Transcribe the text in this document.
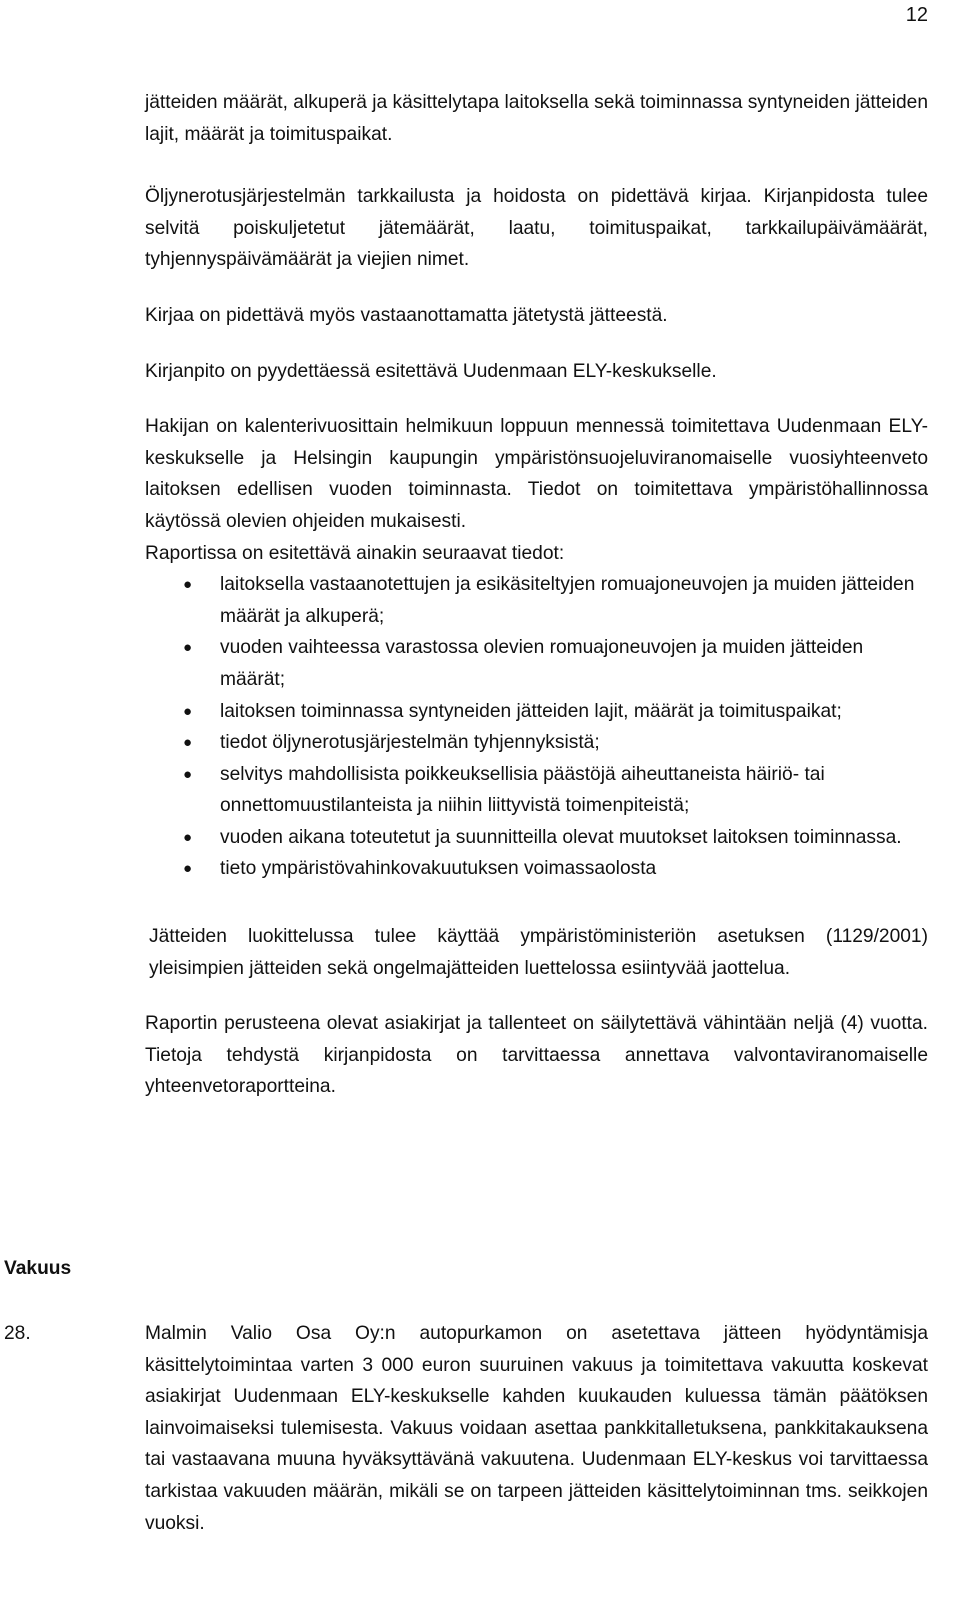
12

jätteiden määrät, alkuperä ja käsittelytapa laitoksella sekä toiminnassa syntyneiden jätteiden lajit, määrät ja toimituspaikat.

Öljynerotusjärjestelmän tarkkailusta ja hoidosta on pidettävä kirjaa. Kirjanpidosta tulee selvitä poiskuljetetut jätemäärät, laatu, toimituspaikat, tarkkailupäivämäärät, tyhjennyspäivämäärät ja viejien nimet.

Kirjaa on pidettävä myös vastaanottamatta jätetystä jätteestä.

Kirjanpito on pyydettäessä esitettävä Uudenmaan ELY-keskukselle.

Hakijan on kalenterivuosittain helmikuun loppuun mennessä toimitettava Uudenmaan ELY-keskukselle ja Helsingin kaupungin ympäristönsuojeluviranomaiselle vuosiyhteenveto laitoksen edellisen vuoden toiminnasta. Tiedot on toimitettava ympäristöhallinnossa käytössä olevien ohjeiden mukaisesti.

Raportissa on esitettävä ainakin seuraavat tiedot:

● laitoksella vastaanotettujen ja esikäsiteltyjen romuajoneuvojen ja muiden jätteiden määrät ja alkuperä;
● vuoden vaihteessa varastossa olevien romuajoneuvojen ja muiden jätteiden määrät;
● laitoksen toiminnassa syntyneiden jätteiden lajit, määrät ja toimituspaikat;
● tiedot öljynerotusjärjestelmän tyhjennyksistä;
● selvitys mahdollisista poikkeuksellisia päästöjä aiheuttaneista häiriö- tai onnettomuustilanteista ja niihin liittyvistä toimenpiteistä;
● vuoden aikana toteutetut ja suunnitteilla olevat muutokset laitoksen toiminnassa.
● tieto ympäristövahinkovakuutuksen voimassaolosta

Jätteiden luokittelussa tulee käyttää ympäristöministeriön asetuksen (1129/2001) yleisimpien jätteiden sekä ongelmajätteiden luettelossa esiintyvää jaottelua.

Raportin perusteena olevat asiakirjat ja tallenteet on säilytettävä vähintään neljä (4) vuotta. Tietoja tehdystä kirjanpidosta on tarvittaessa annettava valvontaviranomaiselle yhteenvetoraportteina.

Vakuus
28.	Malmin Valio Osa Oy:n autopurkamon on asetettava jätteen hyödyntämisja käsittelytoimintaa varten 3 000 euron suuruinen vakuus ja toimitettava vakuutta koskevat asiakirjat Uudenmaan ELY-keskukselle kahden kuukauden kuluessa tämän päätöksen lainvoimaiseksi tulemisesta. Vakuus voidaan asettaa pankkitalletuksena, pankkitakauksena tai vastaavana muuna hyväksyttävänä vakuutena. Uudenmaan ELY-keskus voi tarvittaessa tarkistaa vakuuden määrän, mikäli se on tarpeen jätteiden käsittelytoiminnan tms. seikkojen vuoksi.
